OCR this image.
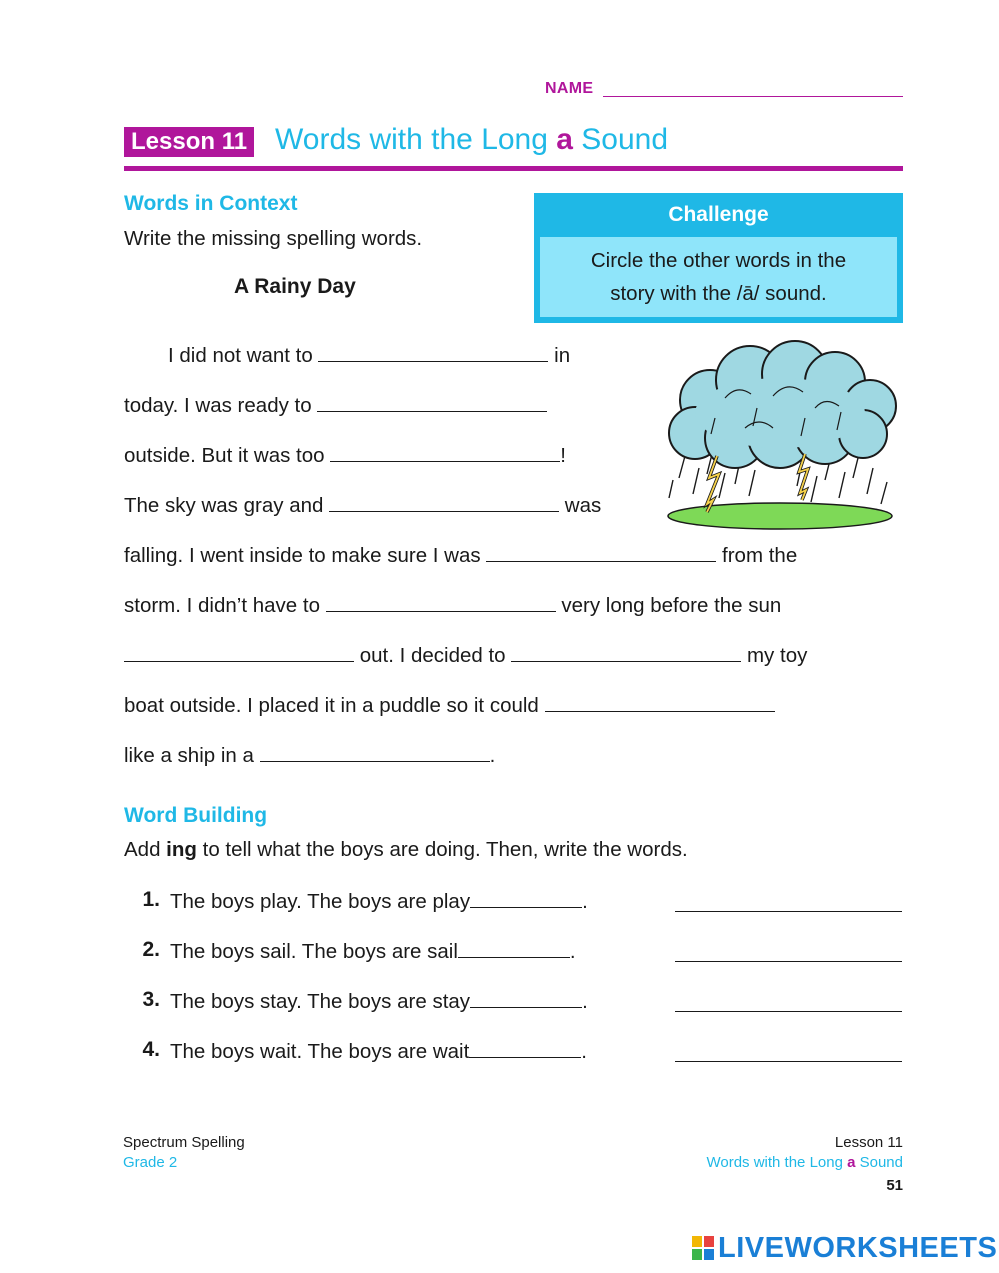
NAME
Lesson 11 Words with the Long a Sound
Words in Context
Write the missing spelling words.
A Rainy Day
Challenge
Circle the other words in the
story with the /ā/ sound.
I did not want to	in
today. I was ready to
outside. But it was too	!
The sky was gray and	was
falling. I went inside to make sure I was	from the
storm. I didn’t have to	very long before the sun
out. I decided to	my toy
boat outside. I placed it in a puddle so it could
like a ship in a	.
Word Building
Add ing to tell what the boys are doing. Then, write the words.
1. The boys play. The boys are play	.
2. The boys sail. The boys are sail	.
3. The boys stay. The boys are stay	.
4. The boys wait. The boys are wait	.
Spectrum Spelling
Grade 2
Lesson 11
Words with the Long a Sound
51
LIVEWORKSHEETS
